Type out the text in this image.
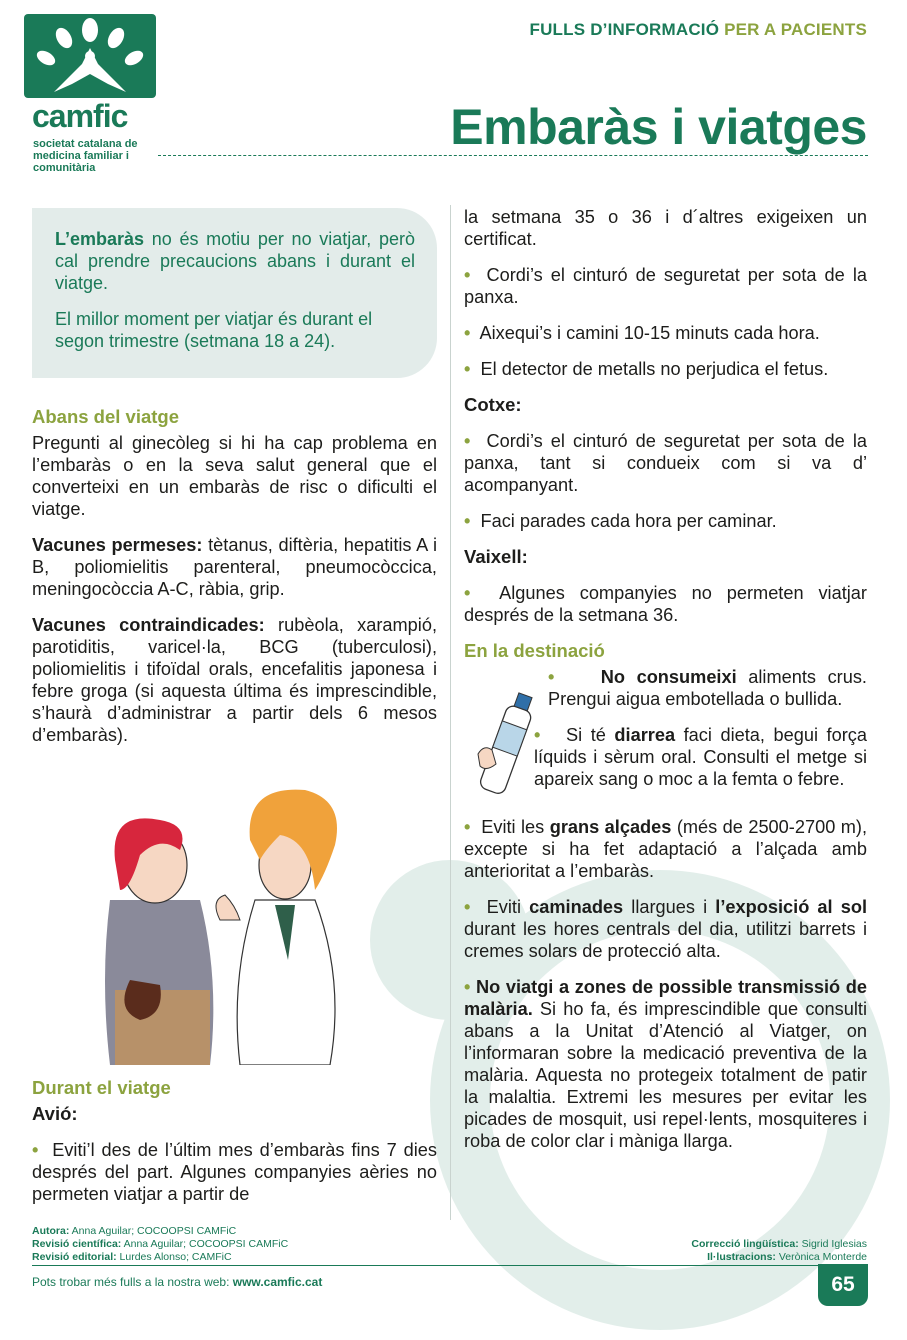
camfic
societat catalana de medicina familiar i comunitària
FULLS D’INFORMACIÓ PER A PACIENTS
Embaràs i viatges

L’embaràs no és motiu per no viatjar, però cal prendre precaucions abans i durant el viatge.

El millor moment per viatjar és durant el segon trimestre (setmana 18 a 24).

Abans del viatge

Pregunti al ginecòleg si hi ha cap problema en l’embaràs o en la seva salut general que el converteixi en un embaràs de risc o dificulti el viatge.

Vacunes permeses: tètanus, diftèria, hepatitis A i B, poliomielitis parenteral, pneumocòccica, meningocòccia A-C, ràbia, grip.

Vacunes contraindicades: rubèola, xarampió, parotiditis, varicel·la, BCG (tuberculosi), poliomielitis i tifoïdal orals, encefalitis japonesa i febre groga (si aquesta última és imprescindible, s’haurà d’administrar a partir dels 6 mesos d’embaràs).

Durant el viatge
Avió:

• Eviti’l des de l’últim mes d’embaràs fins 7 dies després del part. Algunes companyies aèries no permeten viatjar a partir de

la setmana 35 o 36 i d´altres exigeixen un certificat.

• Cordi’s el cinturó de seguretat per sota de la panxa.

• Aixequi’s i camini 10-15 minuts cada hora.

• El detector de metalls no perjudica el fetus.

Cotxe:

• Cordi’s el cinturó de seguretat per sota de la panxa, tant si condueix com si va d’ acompanyant.

• Faci parades cada hora per caminar.

Vaixell:

• Algunes companyies no permeten viatjar després de la setmana 36.

En la destinació

•	No consumeixi aliments crus. Prengui aigua embotellada o bullida.

• Si té diarrea faci dieta, begui força líquids i sèrum oral. Consulti el metge si apareix sang o moc a la femta o febre.

• Eviti les grans alçades (més de 2500-2700 m), excepte si ha fet adaptació a l’alçada amb anterioritat a l’embaràs.

• Eviti caminades llargues i l’exposició al sol durant les hores centrals del dia, utilitzi barrets i cremes solars de protecció alta.

• No viatgi a zones de possible transmissió de malària. Si ho fa, és imprescindible que consulti abans a la Unitat d’Atenció al Viatger, on l’informaran sobre la medicació preventiva de la malària. Aquesta no protegeix totalment de patir la malaltia. Extremi les mesures per evitar les picades de mosquit, usi repel·lents, mosquiteres i roba de color clar i màniga llarga.

Autora: Anna Aguilar; COCOOPSI CAMFiC
Revisió científica: Anna Aguilar; COCOOPSI CAMFiC
Revisió editorial: Lurdes Alonso; CAMFiC
Correcció lingüística: Sigrid Iglesias
Il·lustracions: Verònica Monterde
Pots trobar més fulls a la nostra web: www.camfic.cat	65
